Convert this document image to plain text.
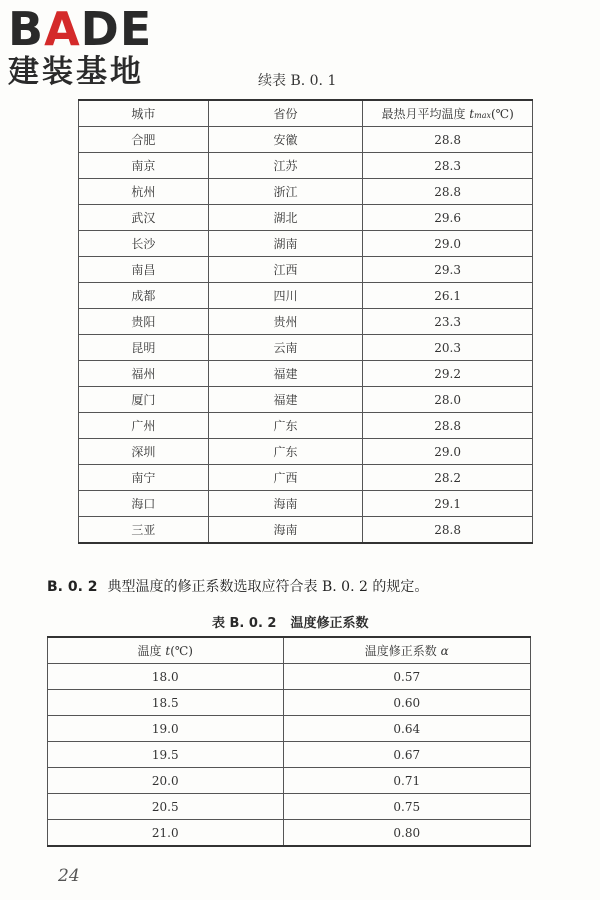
BADE
建装基地	续表 B. 0. 1
城市	省份	最热月平均温度 tmax(℃)
合肥	安徽	28.8
南京	江苏	28.3
杭州	浙江	28.8
武汉	湖北	29.6
长沙	湖南	29.0
南昌	江西	29.3
成都	四川	26.1
贵阳	贵州	23.3
昆明	云南	20.3
福州	福建	29.2
厦门	福建	28.0
广州	广东	28.8
深圳	广东	29.0
南宁	广西	28.2
海口	海南	29.1
三亚	海南	28.8
B. 0. 2 典型温度的修正系数选取应符合表 B. 0. 2 的规定。
表 B. 0. 2 温度修正系数
温度 t(℃)	温度修正系数 α
18.0	0.57
18.5	0.60
19.0	0.64
19.5	0.67
20.0	0.71
20.5	0.75
21.0	0.80
24
